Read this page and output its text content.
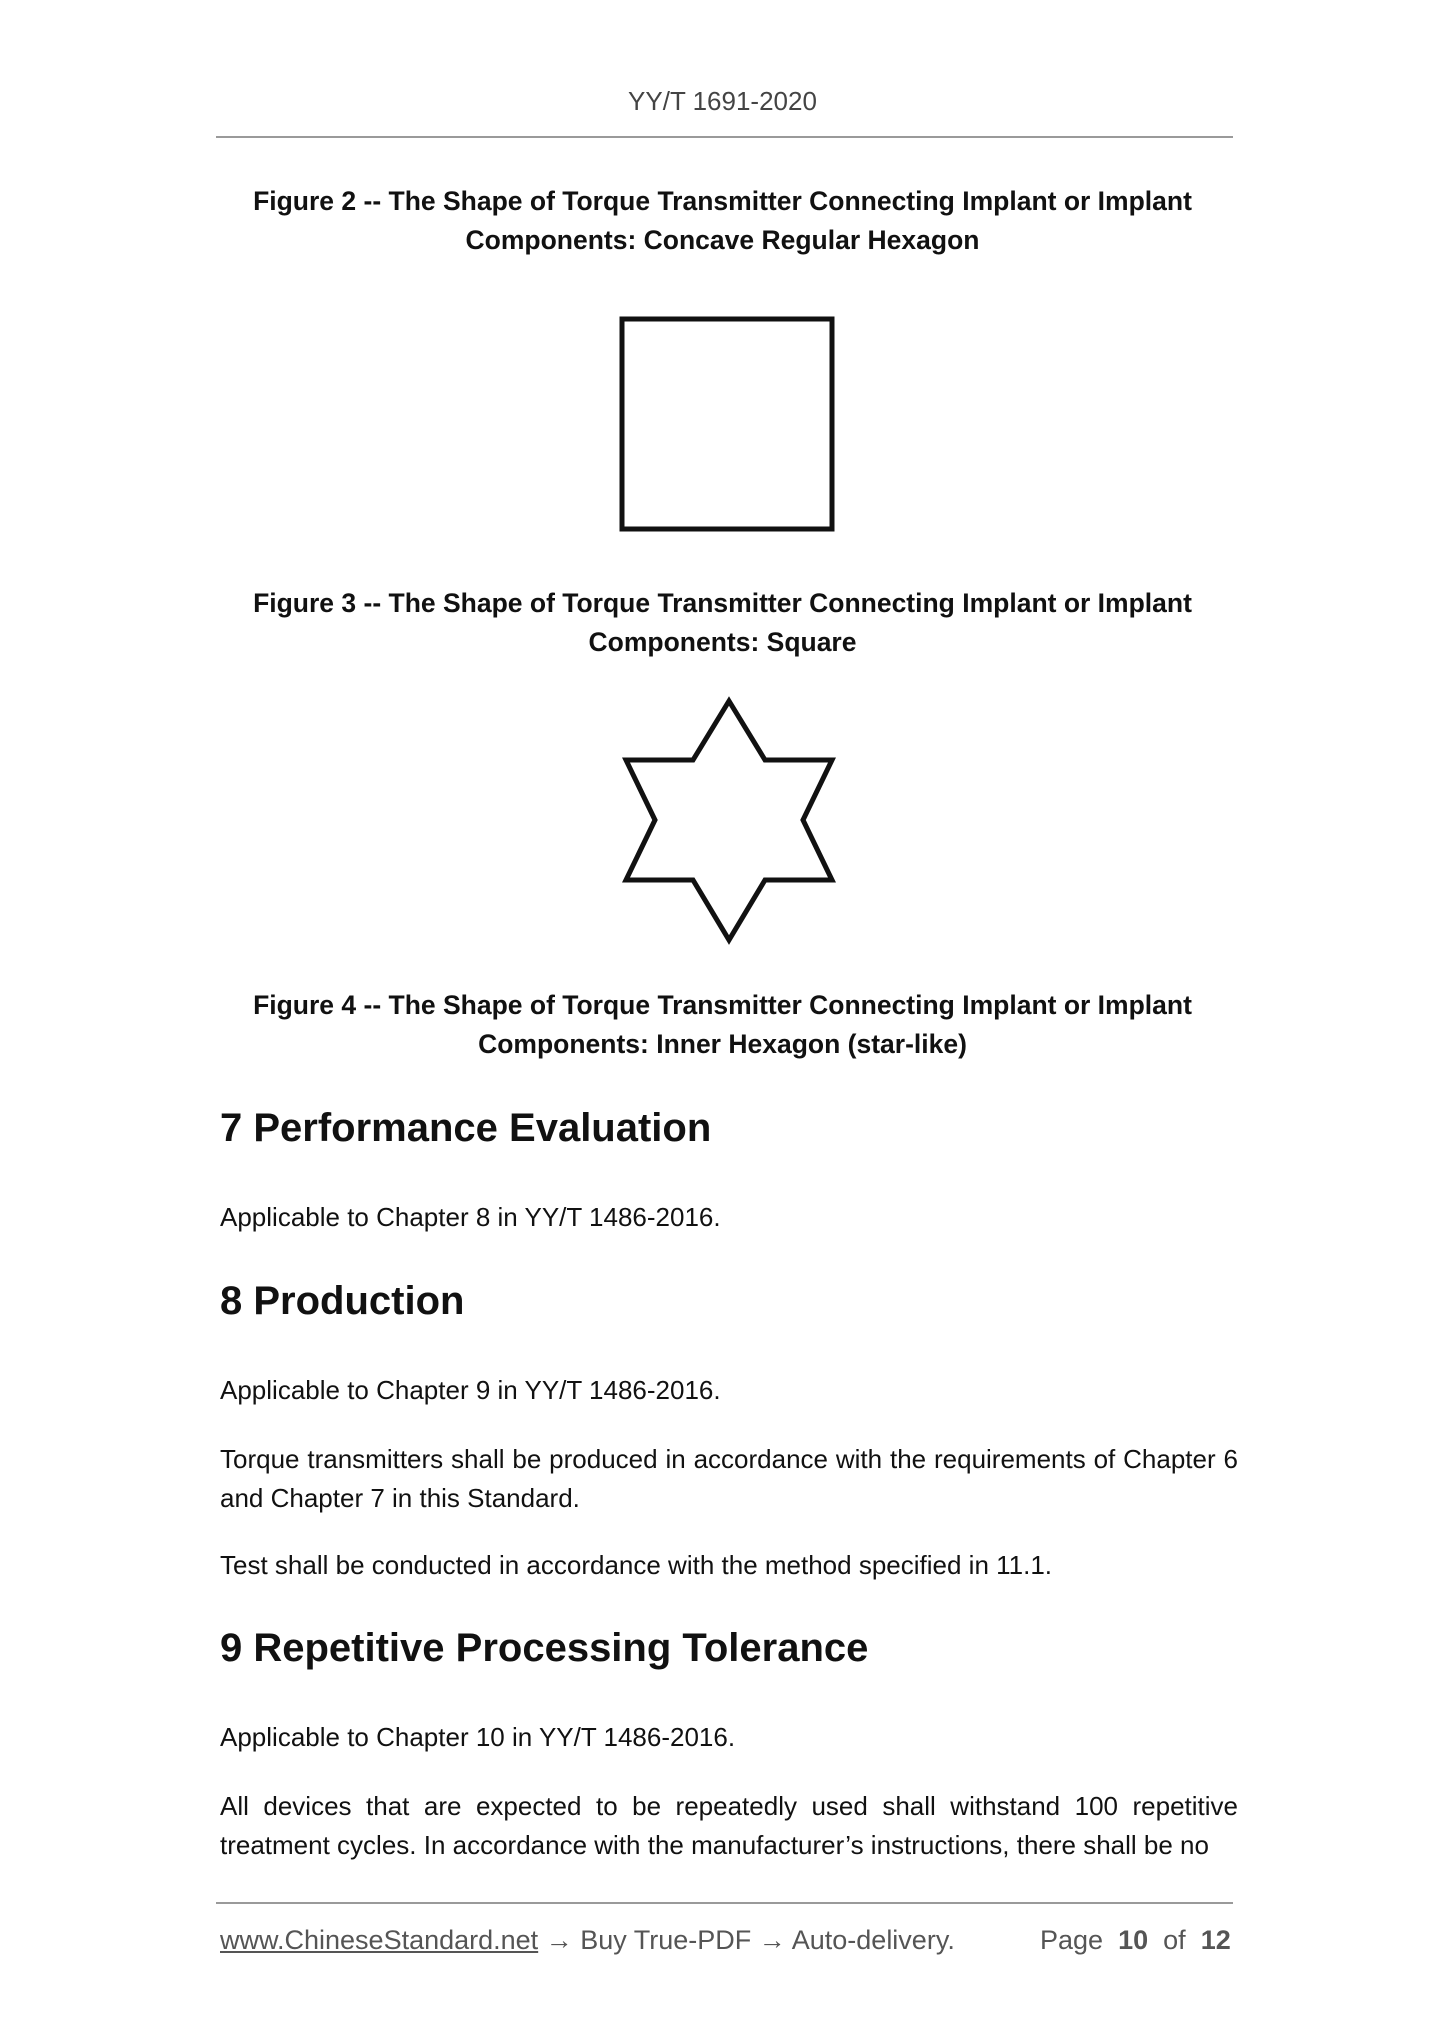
YY/T 1691-2020
Figure 2 -- The Shape of Torque Transmitter Connecting Implant or Implant
Components: Concave Regular Hexagon
Figure 3 -- The Shape of Torque Transmitter Connecting Implant or Implant
Components: Square
Figure 4 -- The Shape of Torque Transmitter Connecting Implant or Implant
Components: Inner Hexagon (star-like)
7 Performance Evaluation
Applicable to Chapter 8 in YY/T 1486-2016.
8 Production
Applicable to Chapter 9 in YY/T 1486-2016.
Torque transmitters shall be produced in accordance with the requirements of Chapter 6 and Chapter 7 in this Standard.
Test shall be conducted in accordance with the method specified in 11.1.
9 Repetitive Processing Tolerance
Applicable to Chapter 10 in YY/T 1486-2016.
All devices that are expected to be repeatedly used shall withstand 100 repetitive treatment cycles. In accordance with the manufacturer’s instructions, there shall be no
www.ChineseStandard.net → Buy True-PDF → Auto-delivery.	Page 10 of 12
